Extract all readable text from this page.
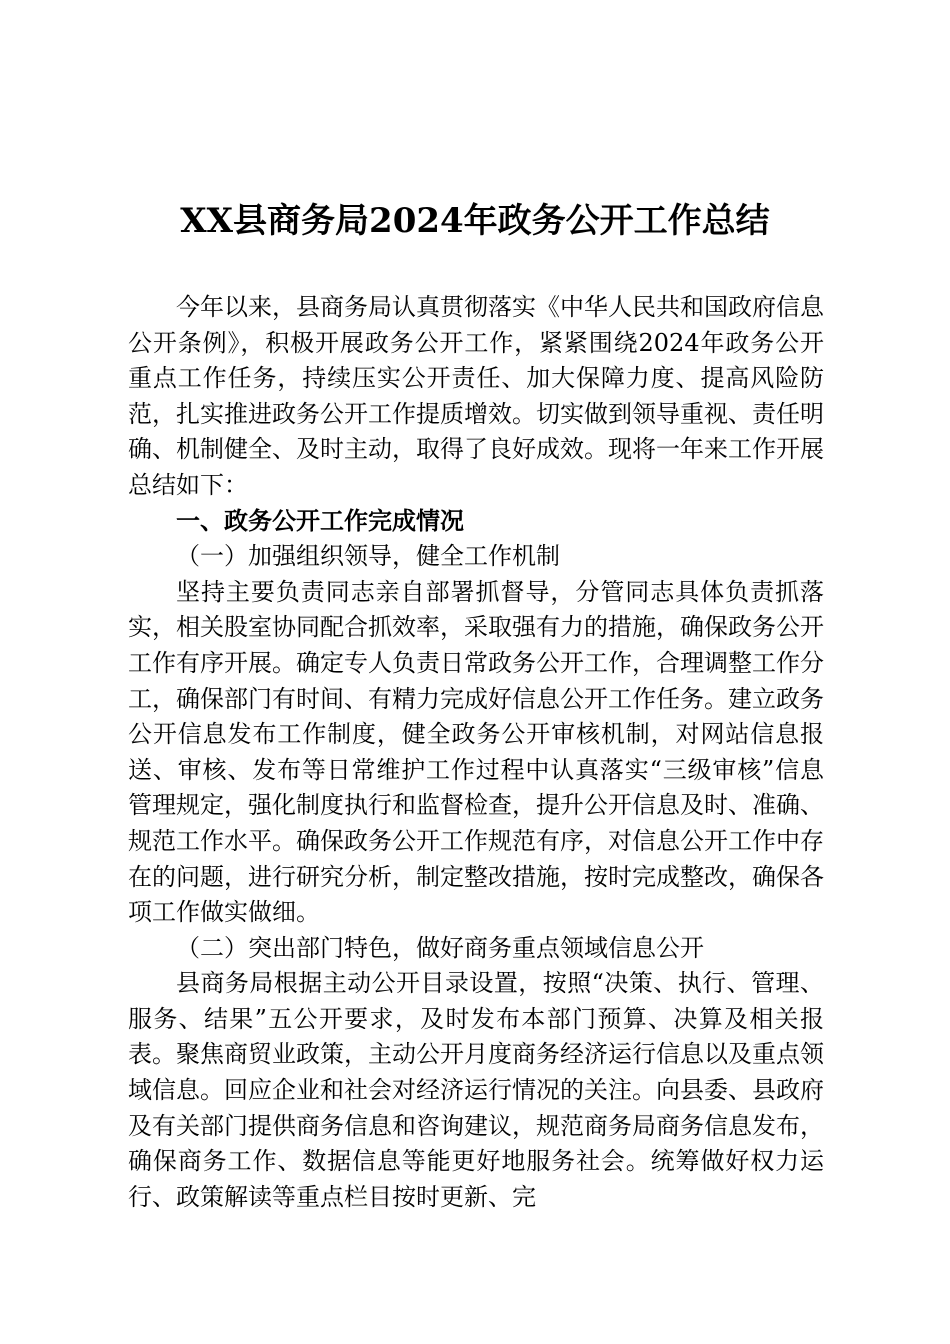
XX县商务局2024年政务公开工作总结

今年以来，县商务局认真贯彻落实《中华人民共和国政府信息公开条例》，积极开展政务公开工作，紧紧围绕2024年政务公开重点工作任务，持续压实公开责任、加大保障力度、提高风险防范，扎实推进政务公开工作提质增效。切实做到领导重视、责任明确、机制健全、及时主动，取得了良好成效。现将一年来工作开展总结如下：

一、政务公开工作完成情况

（一）加强组织领导，健全工作机制

坚持主要负责同志亲自部署抓督导，分管同志具体负责抓落实，相关股室协同配合抓效率，采取强有力的措施，确保政务公开工作有序开展。确定专人负责日常政务公开工作，合理调整工作分工，确保部门有时间、有精力完成好信息公开工作任务。建立政务公开信息发布工作制度，健全政务公开审核机制，对网站信息报送、审核、发布等日常维护工作过程中认真落实“三级审核”信息管理规定，强化制度执行和监督检查，提升公开信息及时、准确、规范工作水平。确保政务公开工作规范有序，对信息公开工作中存在的问题，进行研究分析，制定整改措施，按时完成整改，确保各项工作做实做细。

（二）突出部门特色，做好商务重点领域信息公开

县商务局根据主动公开目录设置，按照“决策、执行、管理、服务、结果”五公开要求，及时发布本部门预算、决算及相关报表。聚焦商贸业政策，主动公开月度商务经济运行信息以及重点领域信息。回应企业和社会对经济运行情况的关注。向县委、县政府及有关部门提供商务信息和咨询建议，规范商务局商务信息发布，确保商务工作、数据信息等能更好地服务社会。统筹做好权力运行、政策解读等重点栏目按时更新、完
